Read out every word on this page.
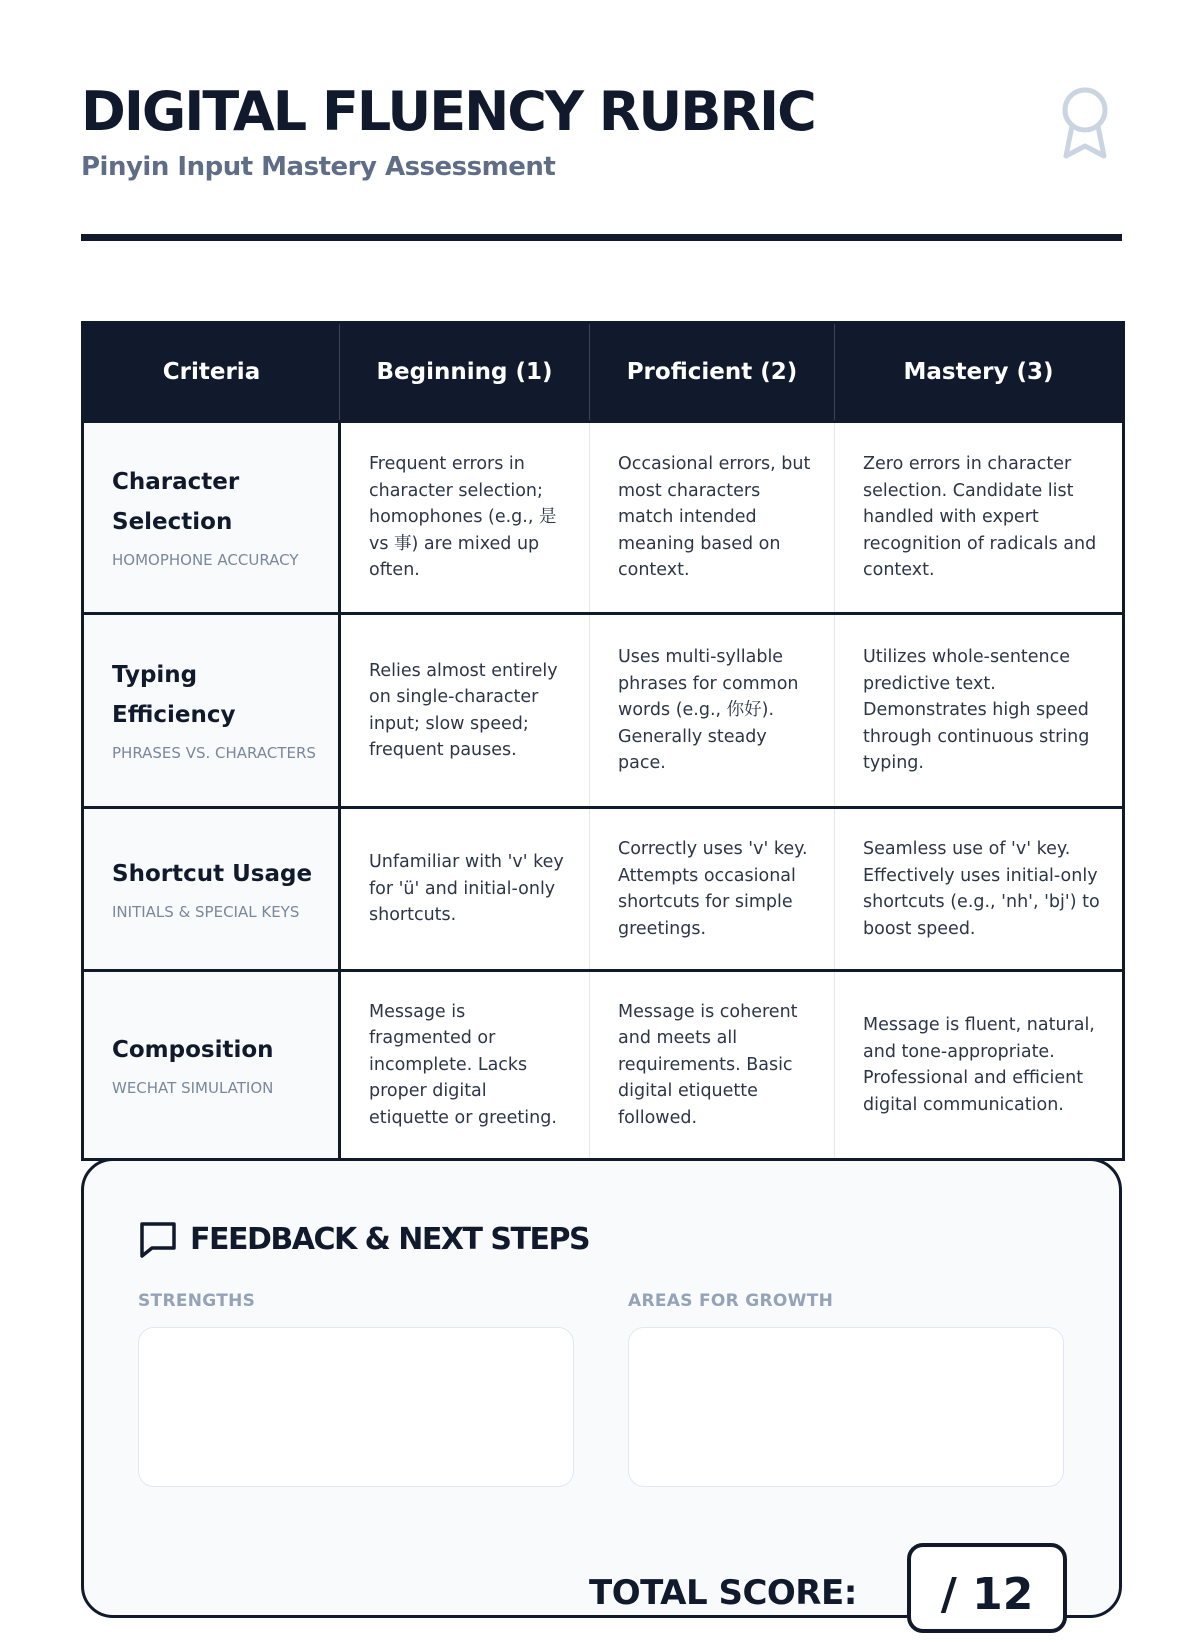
DIGITAL FLUENCY RUBRIC
Pinyin Input Mastery Assessment
Criteria	Beginning (1)	Proficient (2)	Mastery (3)

Character Selection
HOMOPHONE ACCURACY	Frequent errors in character selection; homophones (e.g., 是 vs 事) are mixed up often.	Occasional errors, but most characters match intended meaning based on context.	Zero errors in character selection. Candidate list handled with expert recognition of radicals and context.

Typing Efficiency
PHRASES VS. CHARACTERS	Relies almost entirely on single-character input; slow speed; frequent pauses.	Uses multi-syllable phrases for common words (e.g., 你好). Generally steady pace.	Utilizes whole-sentence predictive text. Demonstrates high speed through continuous string typing.

Shortcut Usage
INITIALS & SPECIAL KEYS	Unfamiliar with 'v' key for 'ü' and initial-only shortcuts.	Correctly uses 'v' key. Attempts occasional shortcuts for simple greetings.	Seamless use of 'v' key. Effectively uses initial-only shortcuts (e.g., 'nh', 'bj') to boost speed.

Composition
WECHAT SIMULATION	Message is fragmented or incomplete. Lacks proper digital etiquette or greeting.	Message is coherent and meets all requirements. Basic digital etiquette followed.	Message is fluent, natural, and tone-appropriate. Professional and efficient digital communication.
FEEDBACK & NEXT STEPS
STRENGTHS	AREAS FOR GROWTH
TOTAL SCORE:	/ 12
